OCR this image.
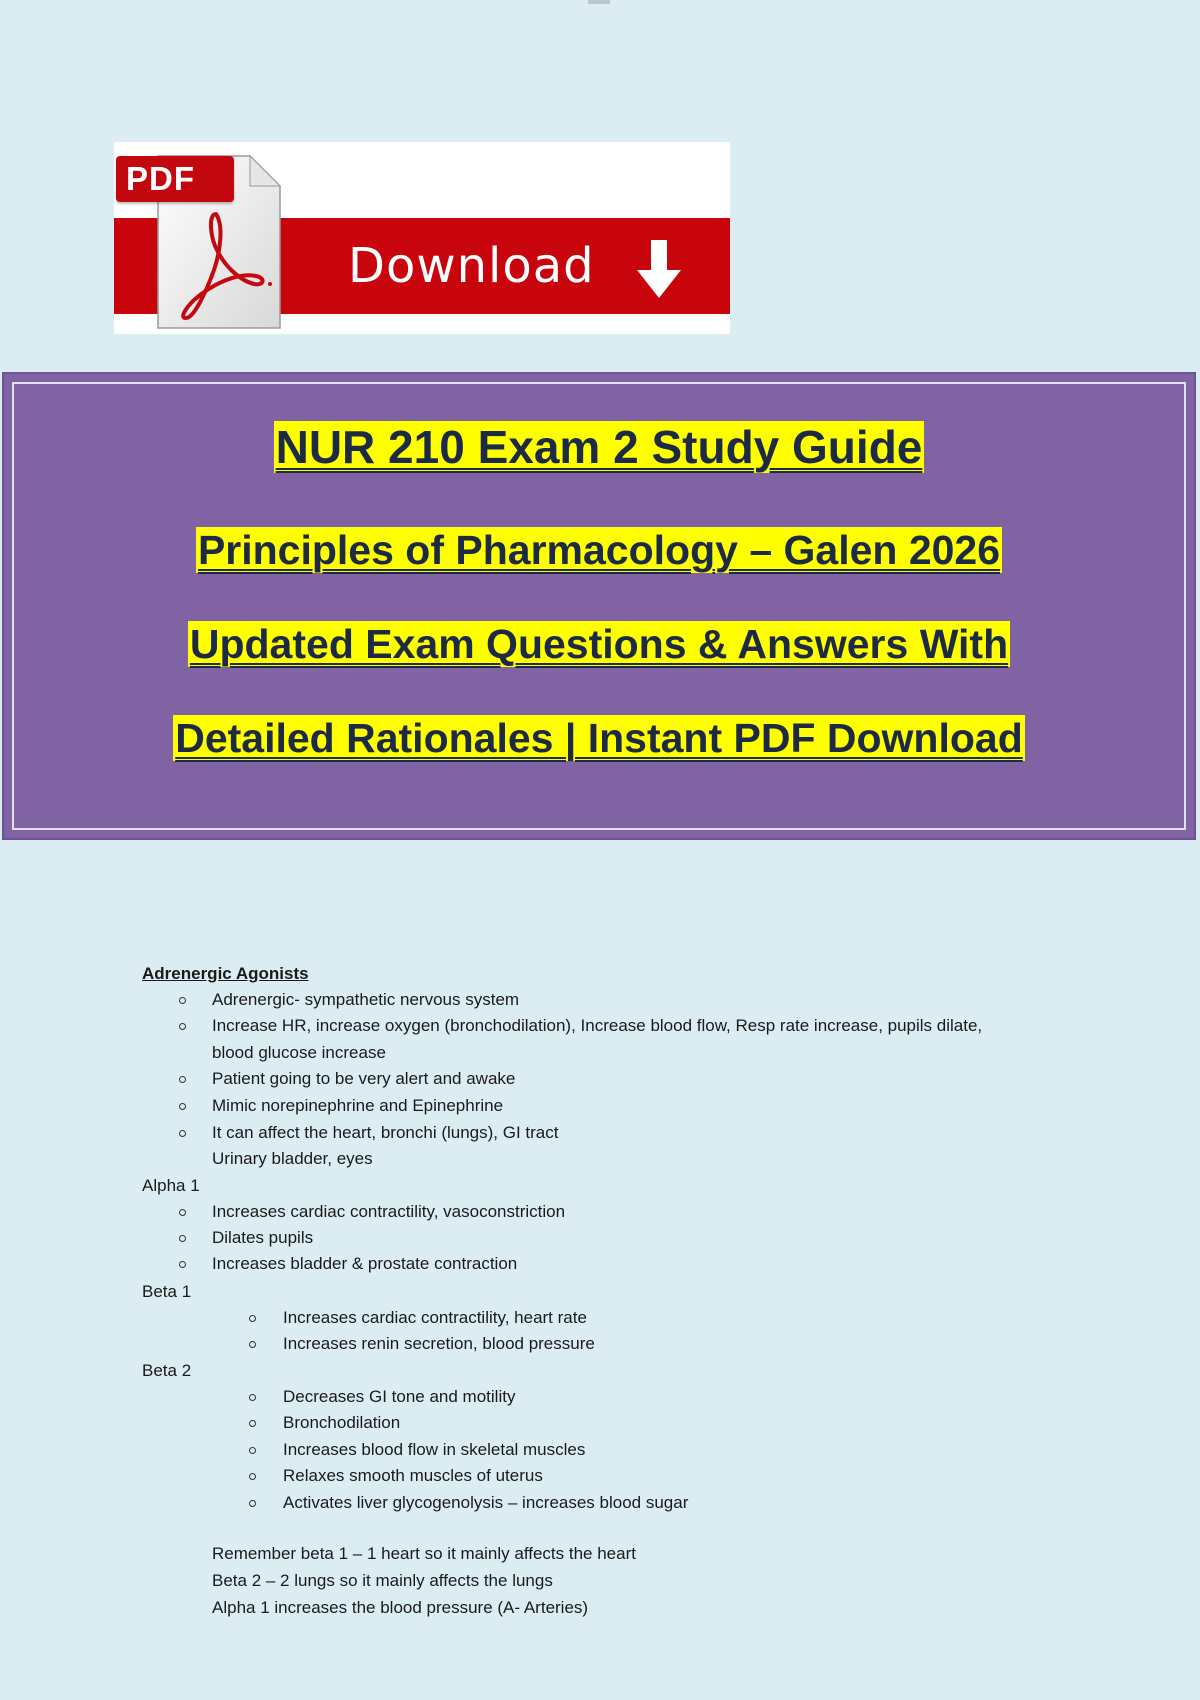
PDF
Download
NUR 210 Exam 2 Study Guide
Principles of Pharmacology – Galen 2026
Updated Exam Questions & Answers With
Detailed Rationales | Instant PDF Download
Adrenergic Agonists
Adrenergic- sympathetic nervous system
Increase HR, increase oxygen (bronchodilation), Increase blood flow, Resp rate increase, pupils dilate,
blood glucose increase
Patient going to be very alert and awake
Mimic norepinephrine and Epinephrine
It can affect the heart, bronchi (lungs), GI tract
Urinary bladder, eyes
Alpha 1
Increases cardiac contractility, vasoconstriction
Dilates pupils
Increases bladder & prostate contraction
Beta 1
Increases cardiac contractility, heart rate
Increases renin secretion, blood pressure
Beta 2
Decreases GI tone and motility
Bronchodilation
Increases blood flow in skeletal muscles
Relaxes smooth muscles of uterus
Activates liver glycogenolysis – increases blood sugar
Remember beta 1 – 1 heart so it mainly affects the heart
Beta 2 – 2 lungs so it mainly affects the lungs
Alpha 1 increases the blood pressure (A- Arteries)
